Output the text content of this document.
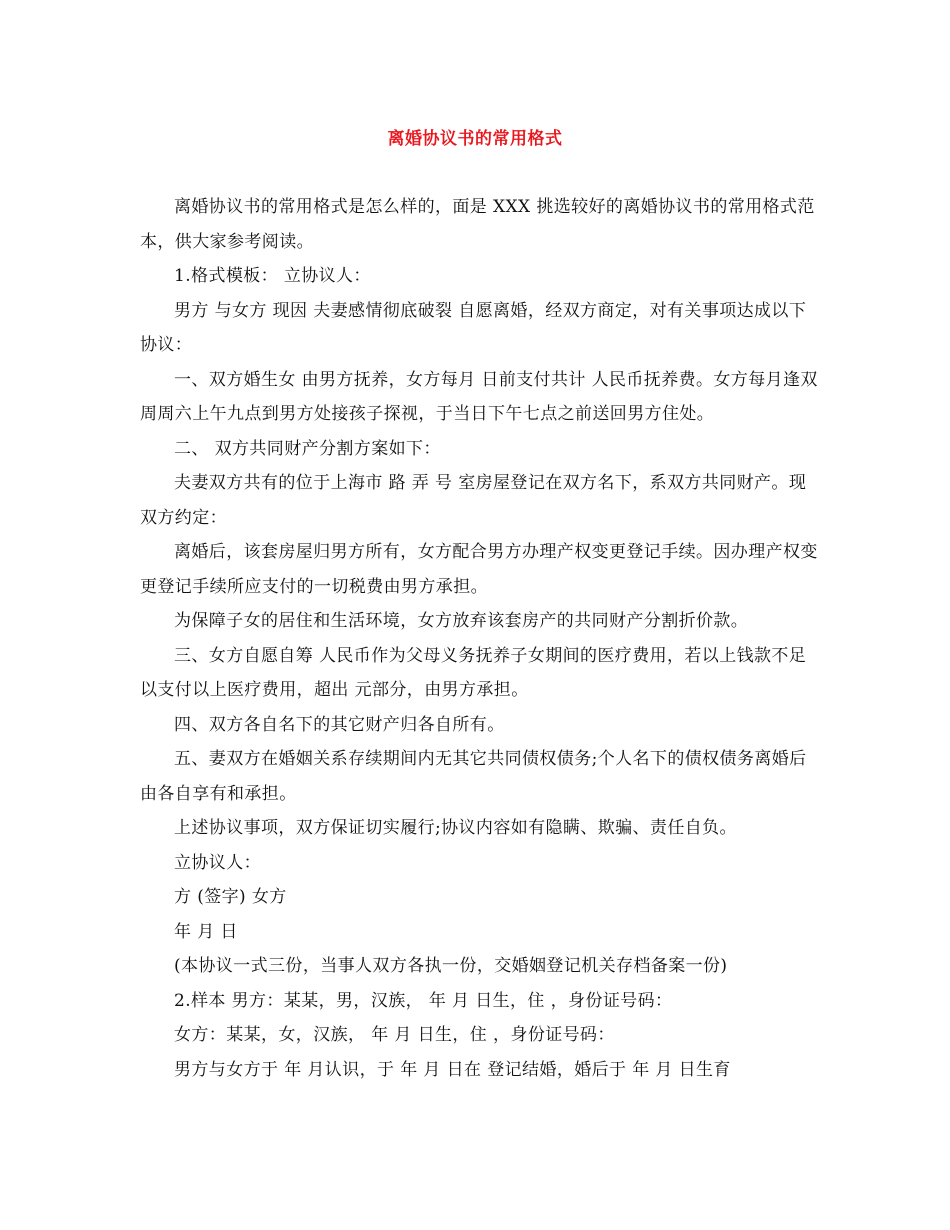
离婚协议书的常用格式

离婚协议书的常用格式是怎么样的，面是 XXX 挑选较好的离婚协议书的常用格式范本，供大家参考阅读。

1.格式模板： 立协议人：

男方 与女方 现因 夫妻感情彻底破裂 自愿离婚，经双方商定，对有关事项达成以下协议：

一、双方婚生女 由男方抚养，女方每月 日前支付共计 人民币抚养费。女方每月逢双周周六上午九点到男方处接孩子探视，于当日下午七点之前送回男方住处。

二、 双方共同财产分割方案如下：

夫妻双方共有的位于上海市 路 弄 号 室房屋登记在双方名下，系双方共同财产。现双方约定：

离婚后，该套房屋归男方所有，女方配合男方办理产权变更登记手续。因办理产权变更登记手续所应支付的一切税费由男方承担。

为保障子女的居住和生活环境，女方放弃该套房产的共同财产分割折价款。

三、女方自愿自筹 人民币作为父母义务抚养子女期间的医疗费用，若以上钱款不足以支付以上医疗费用，超出 元部分，由男方承担。

四、双方各自名下的其它财产归各自所有。

五、妻双方在婚姻关系存续期间内无其它共同债权债务;个人名下的债权债务离婚后由各自享有和承担。

上述协议事项，双方保证切实履行;协议内容如有隐瞒、欺骗、责任自负。

立协议人：

方 (签字) 女方

年 月 日

(本协议一式三份，当事人双方各执一份，交婚姻登记机关存档备案一份)

2.样本 男方：某某，男，汉族， 年 月 日生，住 ，身份证号码：

女方：某某，女，汉族， 年 月 日生，住 ，身份证号码：

男方与女方于 年 月认识，于 年 月 日在 登记结婚，婚后于 年 月 日生育
